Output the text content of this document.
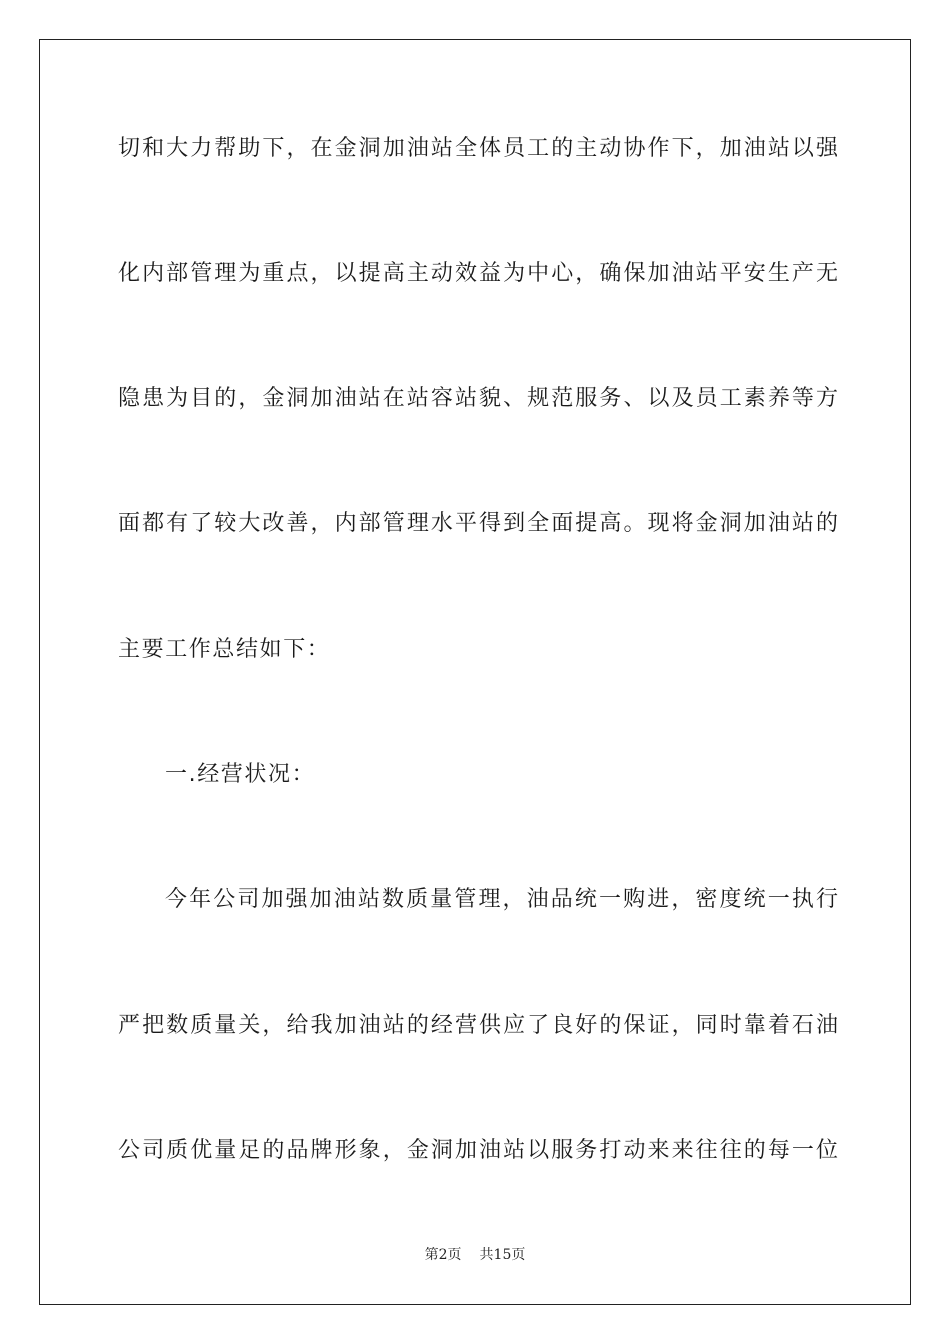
切和大力帮助下，在金洞加油站全体员工的主动协作下，加油站以强
化内部管理为重点，以提高主动效益为中心，确保加油站平安生产无
隐患为目的，金洞加油站在站容站貌、规范服务、以及员工素养等方
面都有了较大改善，内部管理水平得到全面提高。现将金洞加油站的
主要工作总结如下：
一.经营状况：
今年公司加强加油站数质量管理，油品统一购进，密度统一执行
严把数质量关，给我加油站的经营供应了良好的保证，同时靠着石油
公司质优量足的品牌形象，金洞加油站以服务打动来来往往的每一位
第2页 共15页
